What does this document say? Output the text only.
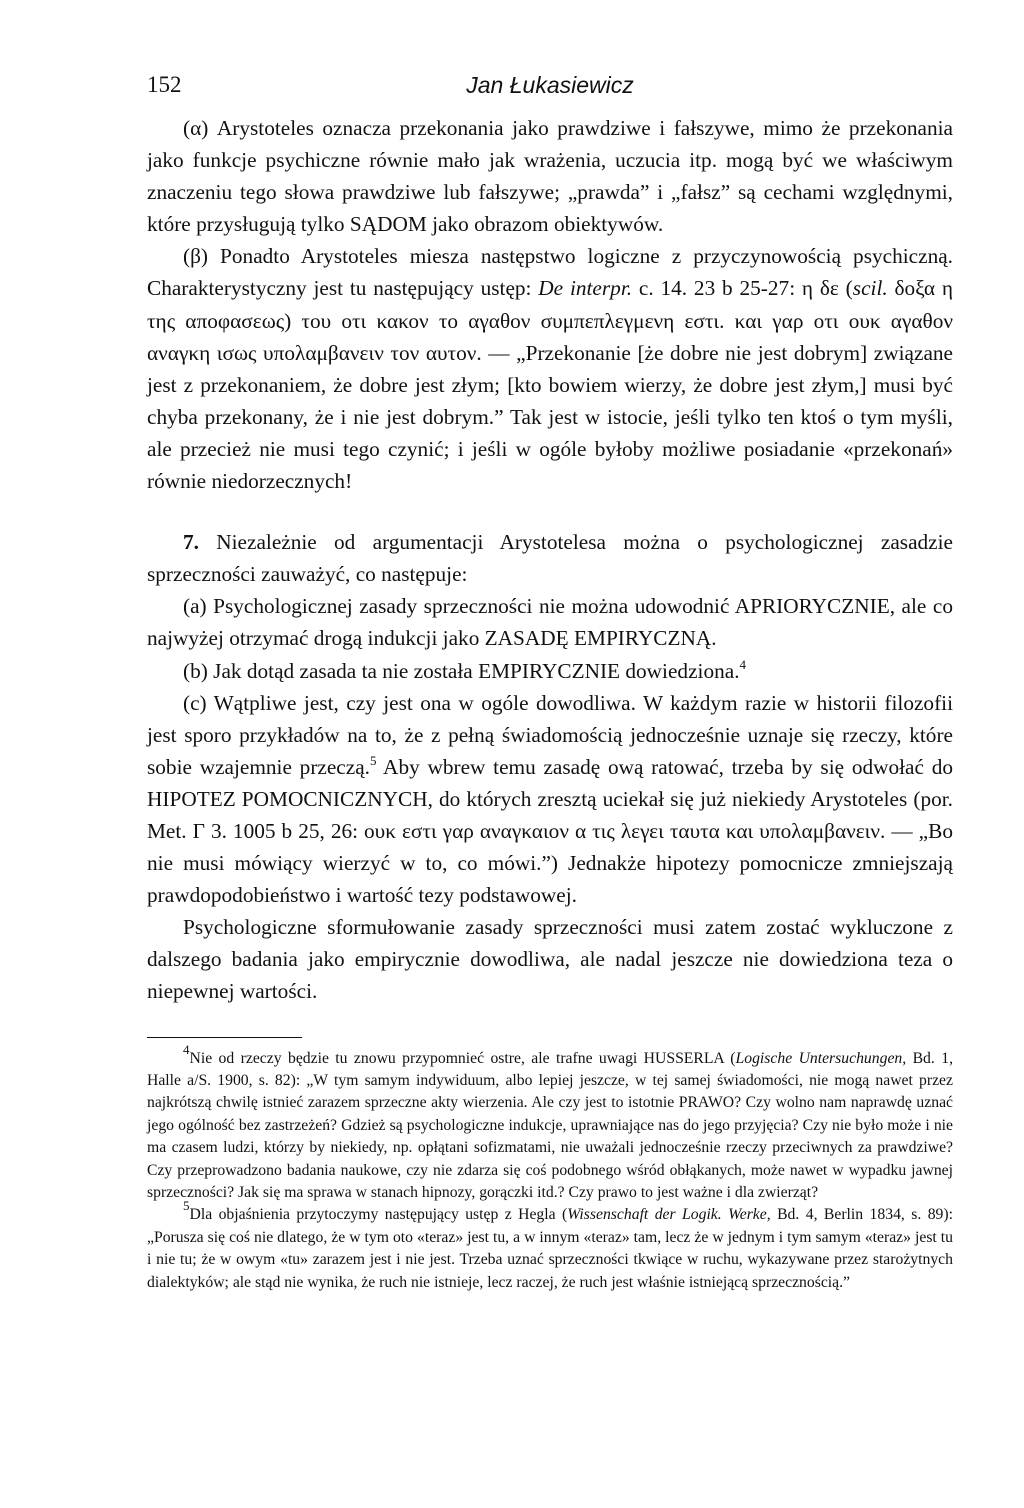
152	Jan Łukasiewicz

(α) Arystoteles oznacza przekonania jako prawdziwe i fałszywe, mimo że przekonania jako funkcje psychiczne równie mało jak wrażenia, uczucia itp. mogą być we właściwym znaczeniu tego słowa prawdziwe lub fałszywe; „prawda” i „fałsz” są cechami względnymi, które przysługują tylko SĄDOM jako obrazom obiektywów.

(β) Ponadto Arystoteles miesza następstwo logiczne z przyczynowością psychiczną. Charakterystyczny jest tu następujący ustęp: De interpr. c. 14. 23 b 25-27: η δε (scil. δοξα η της αποφασεως) του οτι κακον το αγαθον συμπεπλεγμενη εστι. και γαρ οτι ουκ αγαθον αναγκη ισως υπολαμβανειν τον αυτον. — „Przekonanie [że dobre nie jest dobrym] związane jest z przekonaniem, że dobre jest złym; [kto bowiem wierzy, że dobre jest złym,] musi być chyba przekonany, że i nie jest dobrym.” Tak jest w istocie, jeśli tylko ten ktoś o tym myśli, ale przecież nie musi tego czynić; i jeśli w ogóle byłoby możliwe posiadanie «przekonań» równie niedorzecznych!

7. Niezależnie od argumentacji Arystotelesa można o psychologicznej zasadzie sprzeczności zauważyć, co następuje:

(a) Psychologicznej zasady sprzeczności nie można udowodnić APRIORYCZNIE, ale co najwyżej otrzymać drogą indukcji jako ZASADĘ EMPIRYCZNĄ.

(b) Jak dotąd zasada ta nie została EMPIRYCZNIE dowiedziona.$^4$

(c) Wątpliwe jest, czy jest ona w ogóle dowodliwa. W każdym razie w historii filozofii jest sporo przykładów na to, że z pełną świadomością jednocześnie uznaje się rzeczy, które sobie wzajemnie przeczą.$^5$ Aby wbrew temu zasadę ową ratować, trzeba by się odwołać do HIPOTEZ POMOCNICZNYCH, do których zresztą uciekał się już niekiedy Arystoteles (por. Met. Γ 3. 1005 b 25, 26: ουκ εστι γαρ αναγκαιον α τις λεγει ταυτα και υπολαμβανειν. — „Bo nie musi mówiący wierzyć w to, co mówi.”) Jednakże hipotezy pomocnicze zmniejszają prawdopodobieństwo i wartość tezy podstawowej.

Psychologiczne sformułowanie zasady sprzeczności musi zatem zostać wykluczone z dalszego badania jako empirycznie dowodliwa, ale nadal jeszcze nie dowiedziona teza o niepewnej wartości.

$^4$Nie od rzeczy będzie tu znowu przypomnieć ostre, ale trafne uwagi HUSSERLA (Logische Untersuchungen, Bd. 1, Halle a/S. 1900, s. 82): „W tym samym indywiduum, albo lepiej jeszcze, w tej samej świadomości, nie mogą nawet przez najkrótszą chwilę istnieć zarazem sprzeczne akty wierzenia. Ale czy jest to istotnie PRAWO? Czy wolno nam naprawdę uznać jego ogólność bez zastrzeżeń? Gdzież są psychologiczne indukcje, uprawniające nas do jego przyjęcia? Czy nie było może i nie ma czasem ludzi, którzy by niekiedy, np. opłątani sofizmatami, nie uważali jednocześnie rzeczy przeciwnych za prawdziwe? Czy przeprowadzono badania naukowe, czy nie zdarza się coś podobnego wśród obłąkanych, może nawet w wypadku jawnej sprzeczności? Jak się ma sprawa w stanach hipnozy, gorączki itd.? Czy prawo to jest ważne i dla zwierząt?

$^5$Dla objaśnienia przytoczymy następujący ustęp z Hegla (Wissenschaft der Logik. Werke, Bd. 4, Berlin 1834, s. 89): „Porusza się coś nie dlatego, że w tym oto «teraz» jest tu, a w innym «teraz» tam, lecz że w jednym i tym samym «teraz» jest tu i nie tu; że w owym «tu» zarazem jest i nie jest. Trzeba uznać sprzeczności tkwiące w ruchu, wykazywane przez starożytnych dialektyków; ale stąd nie wynika, że ruch nie istnieje, lecz raczej, że ruch jest właśnie istniejącą sprzecznością.”
